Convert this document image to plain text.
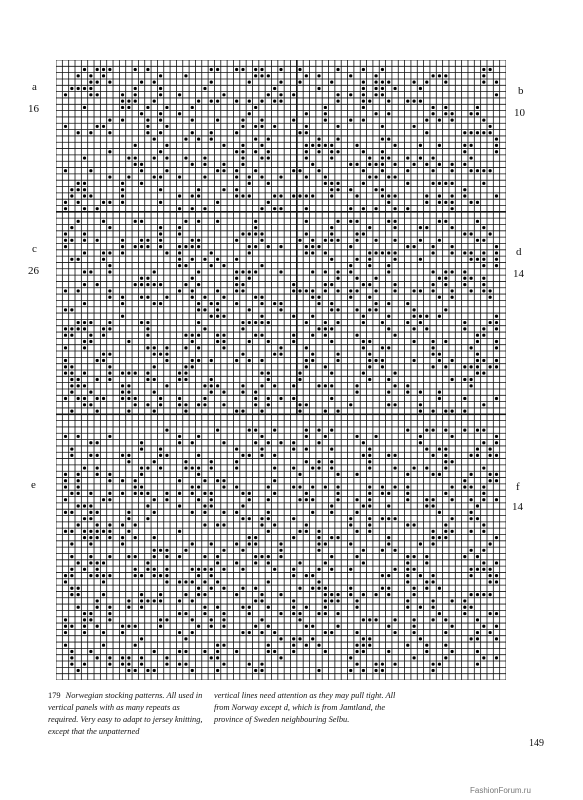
a
16
b
10
c
26
d
14
e	f
14
179 Norwegian stocking patterns. All used in vertical panels with as many repeats as required. Very easy to adapt to jersey knitting, except that the unpatterned
vertical lines need attention as they may pull tight. All from Norway except d, which is from Jamtland, the province of Sweden neighbouring Selbu.
149
FashionForum.ru
